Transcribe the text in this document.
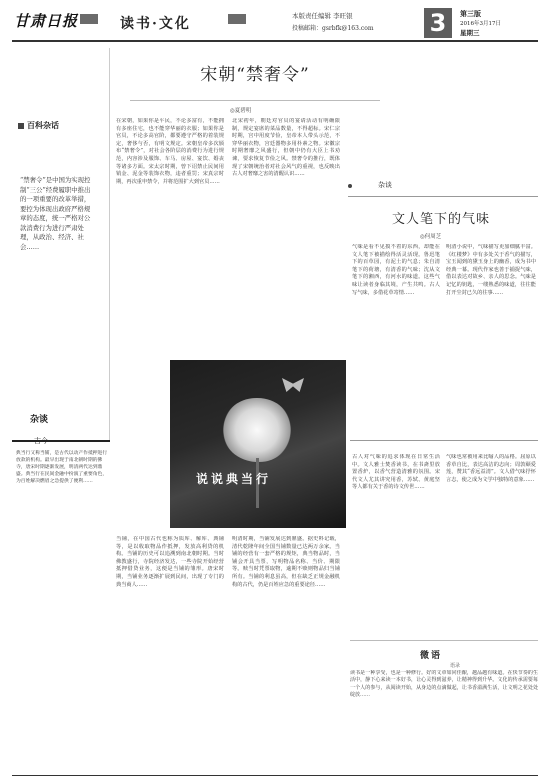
甘肃日报	读书·文化	本版责任编辑 李旺银
投稿邮箱：gsrbfk@163.com 3	第三版
2016年3月17日
星期三
百科杂话
“禁奢令”是中国为实现控制“三公”经费履职中推出的一项重要的改革举措，要控为体现出政府严格规章的态度，统一严格对公款消费行为进行严肃处理，从政治、经济、社会……
宋朝“禁奢令”
◎夏碧明
在宋朝，如果你是平民，不论多富有，不能拥有多座住宅，也不能穿华丽的衣服；如果你是官员，不论多高官阶，都要遵守严格的着装规定，奢侈与否，有明文规定。宋朝皇帝多次颁布“禁奢令”，对社会各阶层的消费行为进行规范，内容涉及服饰、车马、房屋、宴饮、婚丧等诸多方面。宋太宗时期，曾下诏禁止民间用销金、泥金等装饰衣物，违者重罚；宋真宗时期，再次重申禁令，并将范围扩大到官员……
北宋初年，朝廷对官员的宴请活动有明确限制，规定宴席的菜品数量，不得超标。宋仁宗时期，宫中用度节俭，皇帝本人带头示范，不穿华丽衣物，宫廷器物多用朴素之物。宋徽宗时期奢靡之风盛行，但朝中仍有大臣上书劝谏，要求恢复节俭之风。禁奢令的推行，既体现了宋朝统治者对社会风气的重视，也反映出古人对奢靡之害的清醒认识……
杂谈
文人笔下的气味
◎何周芝
气味是看不见摸不着的东西，却能在文人笔下被描绘得活灵活现。鲁迅笔下的百草园，有泥土的气息；朱自清笔下的荷塘，有清香的气味；沈从文笔下的湘西，有河水的味道。这些气味让读者身临其境，产生共鸣。古人写气味，多借花草寄情……
明清小说中，气味描写更加细腻丰富。《红楼梦》中有多处关于香气的描写，宝玉闻到的黛玉身上的幽香，成为书中经典一幕。现代作家也善于捕捉气味，借以表达对故乡、亲人的思念。气味是记忆的钥匙，一缕熟悉的味道，往往能打开尘封已久的往事……
说说典当行
杂谈
典当行又称当铺，是古代以动产作抵押进行放款的机构。最早出现于南北朝时期的佛寺，唐宋时期逐渐发展，明清两代达到鼎盛。典当行在民间金融中扮演了重要角色，为百姓解决燃眉之急提供了便利……
当铺，在中国古代也称为质库、解库、典铺等，是以收取物品作抵押，发放高利贷的机构。当铺的历史可以追溯到南北朝时期。当时佛教盛行，寺院经济发达，一些寺院开始经营抵押借贷业务，这便是当铺的雏形。唐宋时期，当铺业务逐渐扩展到民间，出现了专门的典当商人……
明清时期，当铺发展达到鼎盛。据史料记载，清代乾隆年间全国当铺数量已达两万余家。当铺的经营有一套严格的规矩，典当物品时，当铺会开具当票，写明物品名称、当价、期限等。赎当时凭票取物，逾期不赎则物品归当铺所有。当铺的利息虽高，但在缺乏正规金融机构的古代，仍是百姓应急的重要途径……
古人对气味的追求体现在日常生活中。文人雅士焚香读书，在书斋里放置香炉，以香气营造清雅的氛围。宋代文人尤其讲究用香，苏轼、黄庭坚等人都有关于香的诗文传世……
气味也常被用来比喻人的品格。屈原以香草自比，表达高洁的志向；周敦颐爱莲，赞其“香远益清”。文人借气味抒怀言志，使之成为文学中独特的意象……
微语
语录
读书是一种享受，也是一种修行。好的文章如同佳酿，越品越有味道。在快节奏的生活中，静下心来读一本好书，让心灵得到滋养，让精神得到升华。文化的传承需要每一个人的参与，从阅读开始，从身边的点滴做起，让书香溢满生活，让文明之花处处绽放……
